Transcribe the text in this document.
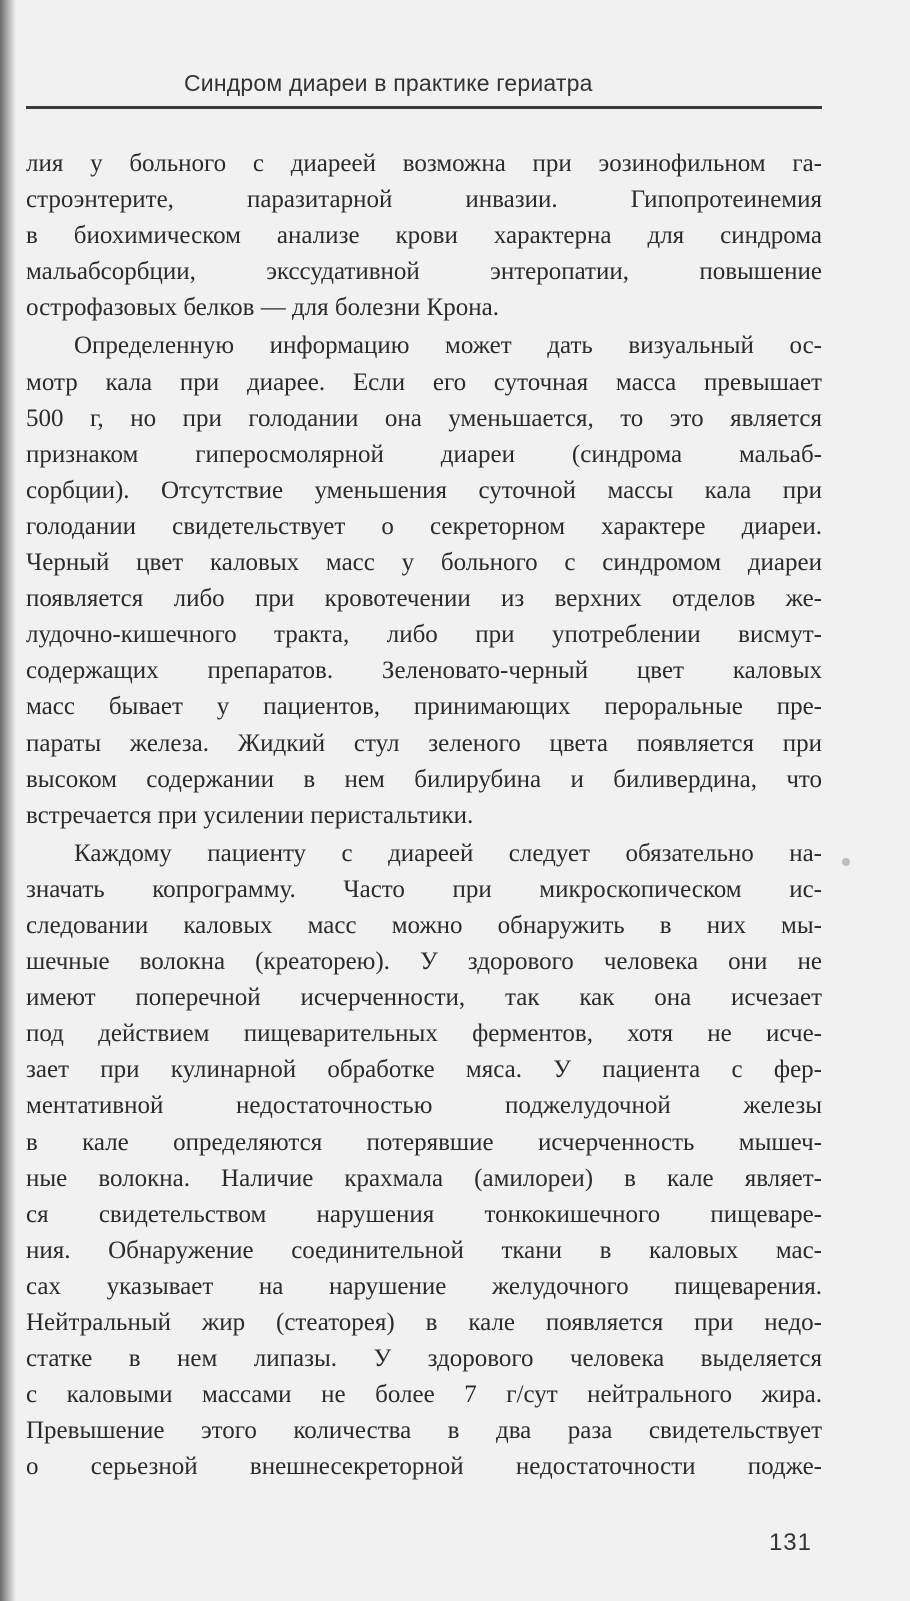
Синдром диареи в практике гериатра
лия у больного с диареей возможна при эозинофильном га-
строэнтерите, паразитарной инвазии. Гипопротеинемия
в биохимическом анализе крови характерна для синдрома
мальабсорбции, экссудативной энтеропатии, повышение
острофазовых белков — для болезни Крона.
Определенную информацию может дать визуальный ос-
мотр кала при диарее. Если его суточная масса превышает
500 г, но при голодании она уменьшается, то это является
признаком гиперосмолярной диареи (синдрома мальаб-
сорбции). Отсутствие уменьшения суточной массы кала при
голодании свидетельствует о секреторном характере диареи.
Черный цвет каловых масс у больного с синдромом диареи
появляется либо при кровотечении из верхних отделов же-
лудочно-кишечного тракта, либо при употреблении висмут-
содержащих препаратов. Зеленовато-черный цвет каловых
масс бывает у пациентов, принимающих пероральные пре-
параты железа. Жидкий стул зеленого цвета появляется при
высоком содержании в нем билирубина и биливердина, что
встречается при усилении перистальтики.
Каждому пациенту с диареей следует обязательно на-
значать копрограмму. Часто при микроскопическом ис-
следовании каловых масс можно обнаружить в них мы-
шечные волокна (креаторею). У здорового человека они не
имеют поперечной исчерченности, так как она исчезает
под действием пищеварительных ферментов, хотя не исче-
зает при кулинарной обработке мяса. У пациента с фер-
ментативной недостаточностью поджелудочной железы
в кале определяются потерявшие исчерченность мышеч-
ные волокна. Наличие крахмала (амилореи) в кале являет-
ся свидетельством нарушения тонкокишечного пищеваре-
ния. Обнаружение соединительной ткани в каловых мас-
сах указывает на нарушение желудочного пищеварения.
Нейтральный жир (стеаторея) в кале появляется при недо-
статке в нем липазы. У здорового человека выделяется
с каловыми массами не более 7 г/сут нейтрального жира.
Превышение этого количества в два раза свидетельствует
о серьезной внешнесекреторной недостаточности подже-
131
